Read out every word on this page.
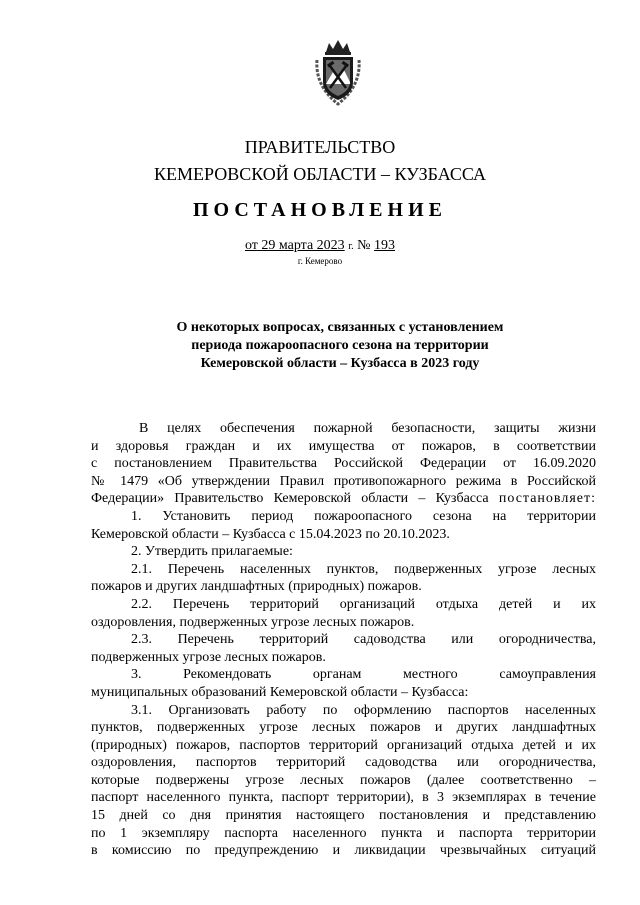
ПРАВИТЕЛЬСТВО
КЕМЕРОВСКОЙ ОБЛАСТИ – КУЗБАССА
ПОСТАНОВЛЕНИЕ
от 29 марта 2023 г. № 193
г. Кемерово
О некоторых вопросах, связанных с установлением
периода пожароопасного сезона на территории
Кемеровской области – Кузбасса в 2023 году

В целях обеспечения пожарной безопасности, защиты жизни

и здоровья граждан и их имущества от пожаров, в соответствии

с постановлением Правительства Российской Федерации от 16.09.2020

№ 1479 «Об утверждении Правил противопожарного режима в Российской

Федерации» Правительство Кемеровской области – Кузбасса постановляет:

1. Установить период пожароопасного сезона на территории

Кемеровской области – Кузбасса с 15.04.2023 по 20.10.2023.

2. Утвердить прилагаемые:

2.1. Перечень населенных пунктов, подверженных угрозе лесных

пожаров и других ландшафтных (природных) пожаров.

2.2. Перечень территорий организаций отдыха детей и их

оздоровления, подверженных угрозе лесных пожаров.

2.3. Перечень территорий садоводства или огородничества,

подверженных угрозе лесных пожаров.

3. Рекомендовать органам местного самоуправления

муниципальных образований Кемеровской области – Кузбасса:

3.1. Организовать работу по оформлению паспортов населенных

пунктов, подверженных угрозе лесных пожаров и других ландшафтных

(природных) пожаров, паспортов территорий организаций отдыха детей и их

оздоровления, паспортов территорий садоводства или огородничества,

которые подвержены угрозе лесных пожаров (далее соответственно –

паспорт населенного пункта, паспорт территории), в 3 экземплярах в течение

15 дней со дня принятия настоящего постановления и представлению

по 1 экземпляру паспорта населенного пункта и паспорта территории

в комиссию по предупреждению и ликвидации чрезвычайных ситуаций
